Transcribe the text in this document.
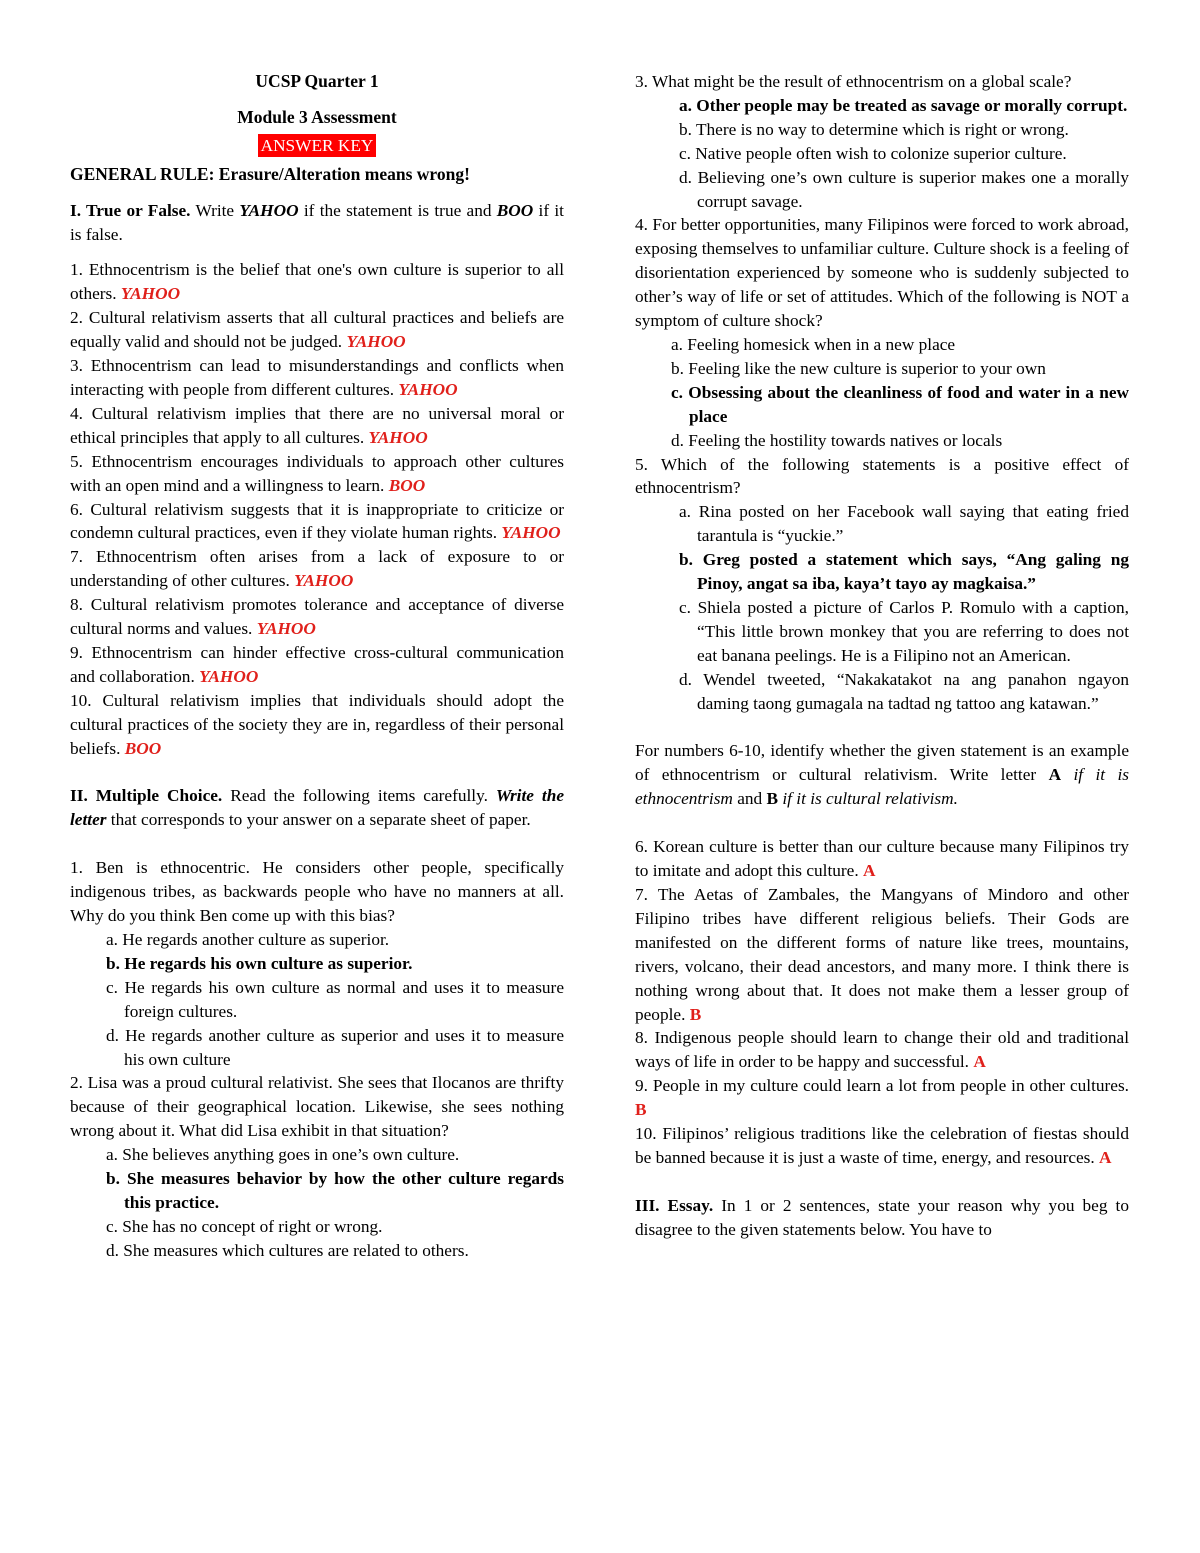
UCSP Quarter 1

Module 3 Assessment

ANSWER KEY

GENERAL RULE: Erasure/Alteration means wrong!

I. True or False. Write YAHOO if the statement is true and BOO if it is false.

1. Ethnocentrism is the belief that one's own culture is superior to all others. YAHOO

2. Cultural relativism asserts that all cultural practices and beliefs are equally valid and should not be judged. YAHOO

3. Ethnocentrism can lead to misunderstandings and conflicts when interacting with people from different cultures. YAHOO

4. Cultural relativism implies that there are no universal moral or ethical principles that apply to all cultures. YAHOO

5. Ethnocentrism encourages individuals to approach other cultures with an open mind and a willingness to learn. BOO

6. Cultural relativism suggests that it is inappropriate to criticize or condemn cultural practices, even if they violate human rights. YAHOO

7. Ethnocentrism often arises from a lack of exposure to or understanding of other cultures. YAHOO

8. Cultural relativism promotes tolerance and acceptance of diverse cultural norms and values. YAHOO

9. Ethnocentrism can hinder effective cross-cultural communication and collaboration. YAHOO

10. Cultural relativism implies that individuals should adopt the cultural practices of the society they are in, regardless of their personal beliefs. BOO

II. Multiple Choice. Read the following items carefully. Write the letter that corresponds to your answer on a separate sheet of paper.

1. Ben is ethnocentric. He considers other people, specifically indigenous tribes, as backwards people who have no manners at all. Why do you think Ben come up with this bias?

a. He regards another culture as superior.

b. He regards his own culture as superior.

c. He regards his own culture as normal and uses it to measure foreign cultures.

d. He regards another culture as superior and uses it to measure his own culture

2. Lisa was a proud cultural relativist. She sees that Ilocanos are thrifty because of their geographical location. Likewise, she sees nothing wrong about it. What did Lisa exhibit in that situation?

a. She believes anything goes in one’s own culture.

b. She measures behavior by how the other culture regards this practice.

c. She has no concept of right or wrong.

d. She measures which cultures are related to others.

3. What might be the result of ethnocentrism on a global scale?

a. Other people may be treated as savage or morally corrupt.

b. There is no way to determine which is right or wrong.

c. Native people often wish to colonize superior culture.

d. Believing one’s own culture is superior makes one a morally corrupt savage.

4. For better opportunities, many Filipinos were forced to work abroad, exposing themselves to unfamiliar culture. Culture shock is a feeling of disorientation experienced by someone who is suddenly subjected to other’s way of life or set of attitudes. Which of the following is NOT a symptom of culture shock?

a. Feeling homesick when in a new place

b. Feeling like the new culture is superior to your own

c. Obsessing about the cleanliness of food and water in a new place

d. Feeling the hostility towards natives or locals

5. Which of the following statements is a positive effect of ethnocentrism?

a. Rina posted on her Facebook wall saying that eating fried tarantula is “yuckie.”

b. Greg posted a statement which says, “Ang galing ng Pinoy, angat sa iba, kaya’t tayo ay magkaisa.”

c. Shiela posted a picture of Carlos P. Romulo with a caption, “This little brown monkey that you are referring to does not eat banana peelings. He is a Filipino not an American.

d. Wendel tweeted, “Nakakatakot na ang panahon ngayon daming taong gumagala na tadtad ng tattoo ang katawan.”

For numbers 6-10, identify whether the given statement is an example of ethnocentrism or cultural relativism. Write letter A if it is ethnocentrism and B if it is cultural relativism.

6. Korean culture is better than our culture because many Filipinos try to imitate and adopt this culture. A

7. The Aetas of Zambales, the Mangyans of Mindoro and other Filipino tribes have different religious beliefs. Their Gods are manifested on the different forms of nature like trees, mountains, rivers, volcano, their dead ancestors, and many more. I think there is nothing wrong about that. It does not make them a lesser group of people. B

8. Indigenous people should learn to change their old and traditional ways of life in order to be happy and successful. A

9. People in my culture could learn a lot from people in other cultures. B

10. Filipinos’ religious traditions like the celebration of fiestas should be banned because it is just a waste of time, energy, and resources. A

III. Essay. In 1 or 2 sentences, state your reason why you beg to disagree to the given statements below. You have to
